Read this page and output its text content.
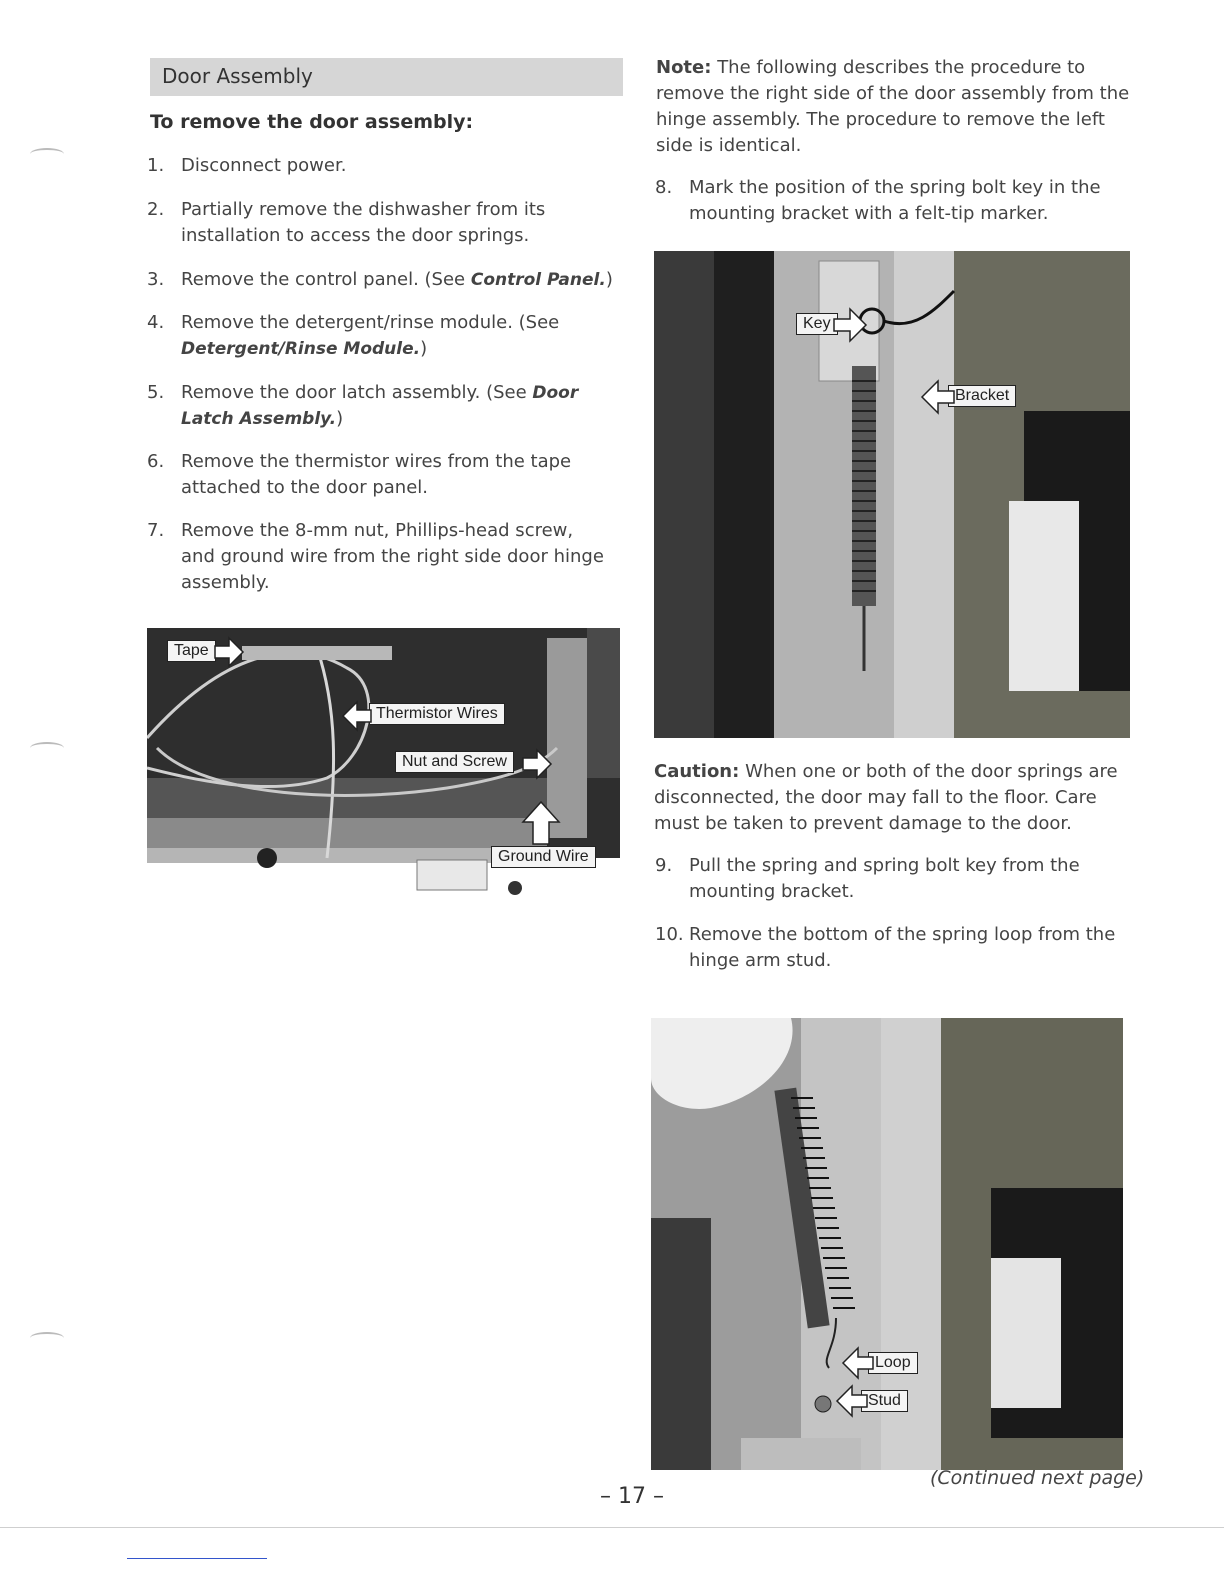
Door Assembly
To remove the door assembly:
1. Disconnect power.
2. Partially remove the dishwasher from its installation to access the door springs.
3. Remove the control panel. (See Control Panel.)
4. Remove the detergent/rinse module. (See Detergent/Rinse Module.)
5. Remove the door latch assembly. (See Door Latch Assembly.)
6. Remove the thermistor wires from the tape attached to the door panel.
7. Remove the 8-mm nut, Phillips-head screw, and ground wire from the right side door hinge assembly.
Tape
Thermistor Wires
Nut and Screw
Ground Wire
Note: The following describes the procedure to remove the right side of the door assembly from the hinge assembly. The procedure to remove the left side is identical.
8. Mark the position of the spring bolt key in the mounting bracket with a felt-tip marker.
Key
Bracket
Caution: When one or both of the door springs are disconnected, the door may fall to the floor. Care must be taken to prevent damage to the door.
9. Pull the spring and spring bolt key from the mounting bracket.
10. Remove the bottom of the spring loop from the hinge arm stud.
Loop
Stud
(Continued next page)
– 17 –
